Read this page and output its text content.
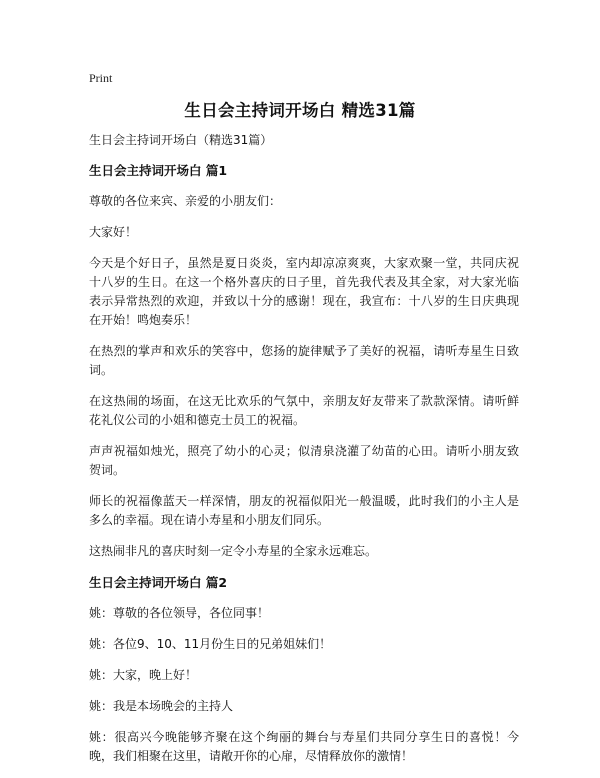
Print
生日会主持词开场白 精选31篇
生日会主持词开场白（精选31篇）
生日会主持词开场白 篇1
尊敬的各位来宾、亲爱的小朋友们：
大家好！
今天是个好日子，虽然是夏日炎炎，室内却凉凉爽爽，大家欢聚一堂，共同庆祝十八岁的生日。在这一个格外喜庆的日子里，首先我代表及其全家，对大家光临表示异常热烈的欢迎，并致以十分的感谢！现在，我宣布：十八岁的生日庆典现在开始！鸣炮奏乐！
在热烈的掌声和欢乐的笑容中，您扬的旋律赋予了美好的祝福，请听寿星生日致词。
在这热闹的场面，在这无比欢乐的气氛中，亲朋友好友带来了款款深情。请听鲜花礼仪公司的小姐和德克士员工的祝福。
声声祝福如烛光，照亮了幼小的心灵；似清泉浇灌了幼苗的心田。请听小朋友致贺词。
师长的祝福像蓝天一样深情，朋友的祝福似阳光一般温暖，此时我们的小主人是多么的幸福。现在请小寿星和小朋友们同乐。
这热闹非凡的喜庆时刻一定令小寿星的全家永远难忘。
生日会主持词开场白 篇2
姚：尊敬的各位领导，各位同事！
姚：各位9、10、11月份生日的兄弟姐妹们！
姚：大家，晚上好！
姚：我是本场晚会的主持人
姚：很高兴今晚能够齐聚在这个绚丽的舞台与寿星们共同分享生日的喜悦！今晚，我们相聚在这里，请敞开你的心扉，尽情释放你的激情！
